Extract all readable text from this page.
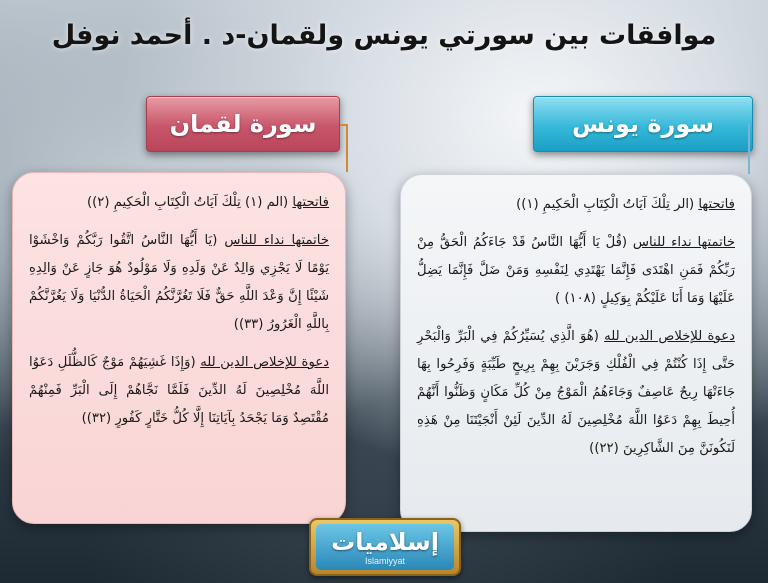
موافقات بين سورتي يونس ولقمان-د . أحمد نوفل
سورة لقمان	سورة يونس

فاتحتها (الم (١) تِلْكَ آيَاتُ الْكِتَابِ الْحَكِيمِ (٢))

خاتمتها نداء للناس (يَا أَيُّهَا النَّاسُ اتَّقُوا رَبَّكُمْ وَاخْشَوْا يَوْمًا لَا يَجْزِي وَالِدٌ عَنْ وَلَدِهِ وَلَا مَوْلُودٌ هُوَ جَازٍ عَنْ وَالِدِهِ شَيْئًا إِنَّ وَعْدَ اللَّهِ حَقٌّ فَلَا تَغُرَّنَّكُمُ الْحَيَاةُ الدُّنْيَا وَلَا يَغُرَّنَّكُمْ بِاللَّهِ الْغَرُورُ (٣٣))

دعوة للإخلاص الدين لله (وَإِذَا غَشِيَهُمْ مَوْجٌ كَالظُّلَلِ دَعَوُا اللَّهَ مُخْلِصِينَ لَهُ الدِّينَ فَلَمَّا نَجَّاهُمْ إِلَى الْبَرِّ فَمِنْهُمْ مُقْتَصِدٌ وَمَا يَجْحَدُ بِآيَاتِنَا إِلَّا كُلُّ خَتَّارٍ كَفُورٍ (٣٢))

فاتحتها (الر تِلْكَ آيَاتُ الْكِتَابِ الْحَكِيمِ (١))

خاتمتها نداء للناس (قُلْ يَا أَيُّهَا النَّاسُ قَدْ جَاءَكُمُ الْحَقُّ مِنْ رَبِّكُمْ فَمَنِ اهْتَدَى فَإِنَّمَا يَهْتَدِي لِنَفْسِهِ وَمَنْ ضَلَّ فَإِنَّمَا يَضِلُّ عَلَيْهَا وَمَا أَنَا عَلَيْكُمْ بِوَكِيلٍ (١٠٨) )

دعوة للإخلاص الدين لله (هُوَ الَّذِي يُسَيِّرُكُمْ فِي الْبَرِّ وَالْبَحْرِ حَتَّى إِذَا كُنْتُمْ فِي الْفُلْكِ وَجَرَيْنَ بِهِمْ بِرِيحٍ طَيِّبَةٍ وَفَرِحُوا بِهَا جَاءَتْهَا رِيحٌ عَاصِفٌ وَجَاءَهُمُ الْمَوْجُ مِنْ كُلِّ مَكَانٍ وَظَنُّوا أَنَّهُمْ أُحِيطَ بِهِمْ دَعَوُا اللَّهَ مُخْلِصِينَ لَهُ الدِّينَ لَئِنْ أَنْجَيْتَنَا مِنْ هَذِهِ لَنَكُونَنَّ مِنَ الشَّاكِرِينَ (٢٢))

إسلاميات
Islamiyyat
